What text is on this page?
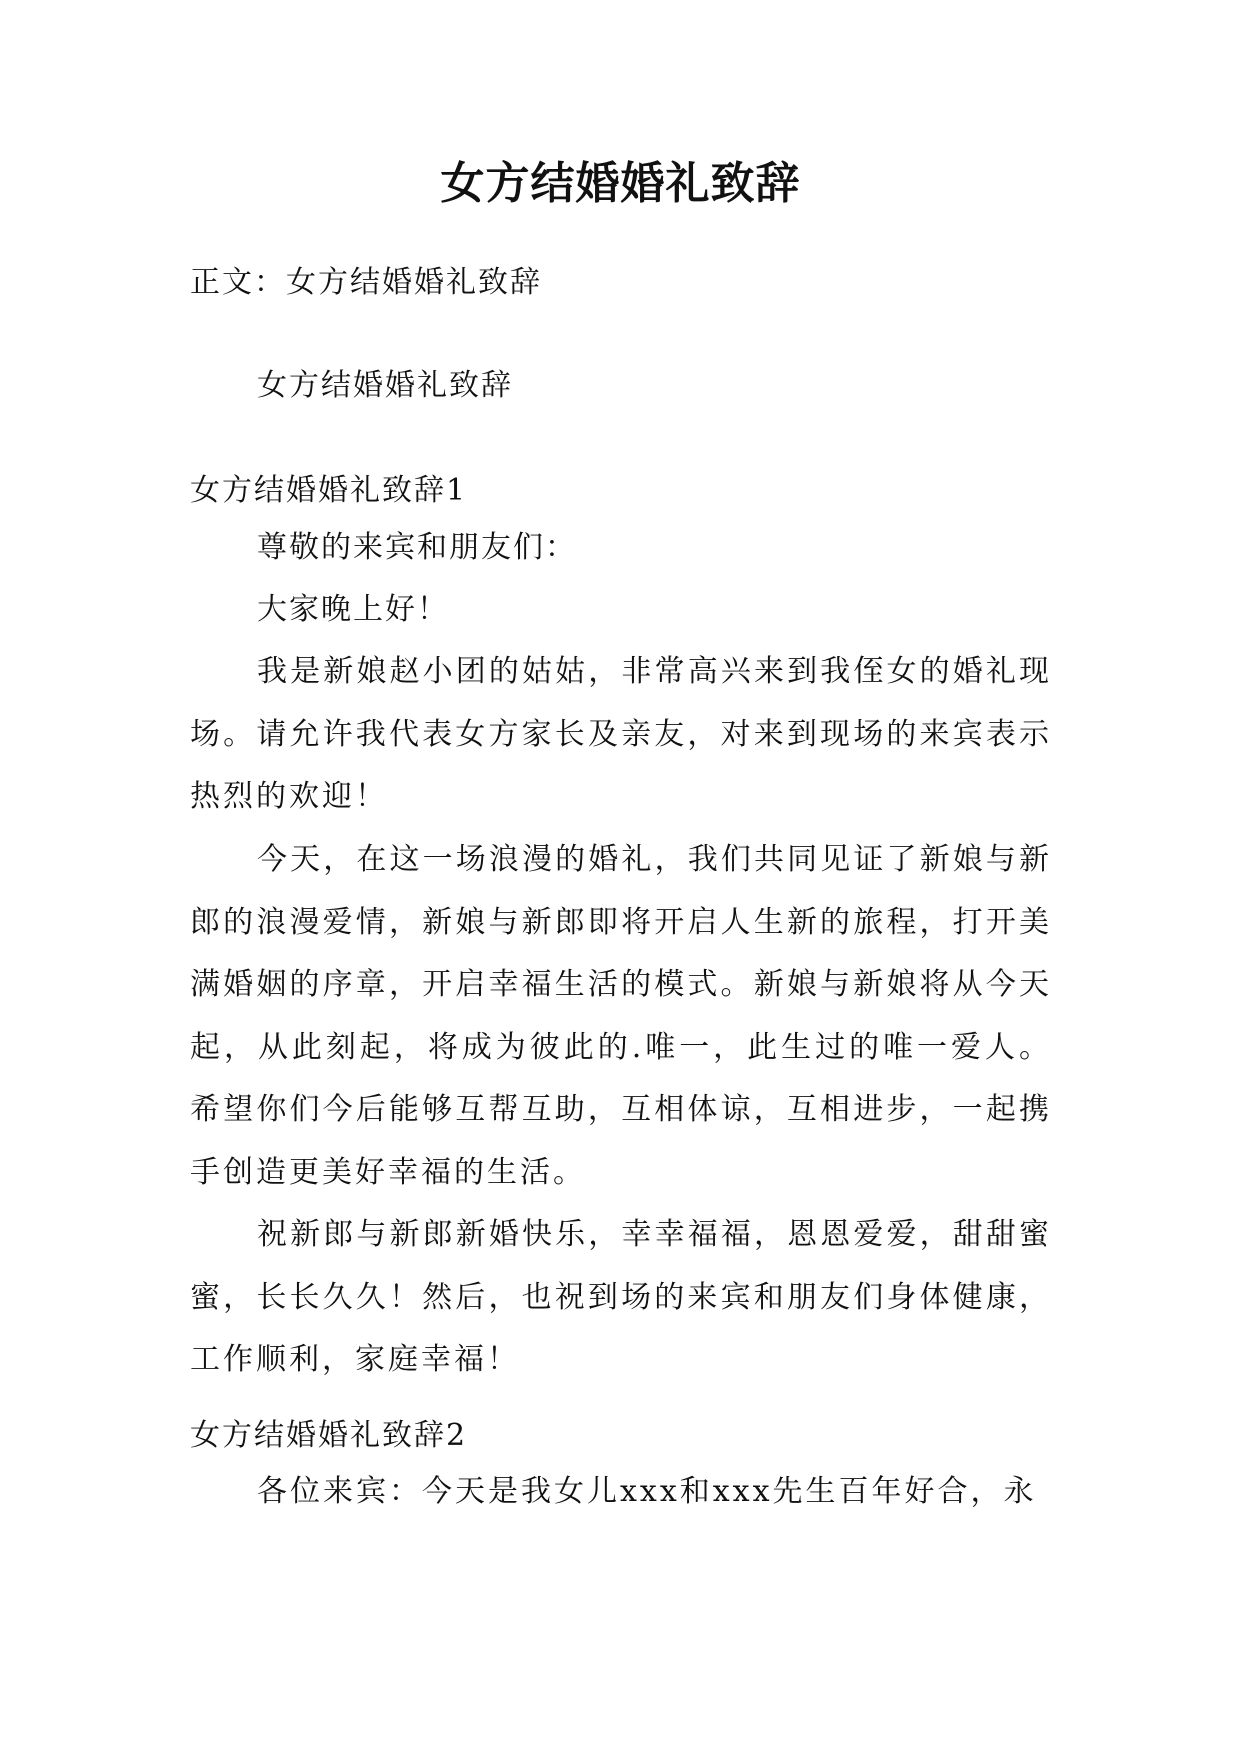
女方结婚婚礼致辞
正文：女方结婚婚礼致辞
女方结婚婚礼致辞
女方结婚婚礼致辞1
尊敬的来宾和朋友们：
大家晚上好！
我是新娘赵小团的姑姑，非常高兴来到我侄女的婚礼现场。请允许我代表女方家长及亲友，对来到现场的来宾表示热烈的欢迎！
今天，在这一场浪漫的婚礼，我们共同见证了新娘与新郎的浪漫爱情，新娘与新郎即将开启人生新的旅程，打开美满婚姻的序章，开启幸福生活的模式。新娘与新娘将从今天起，从此刻起，将成为彼此的.唯一，此生过的唯一爱人。希望你们今后能够互帮互助，互相体谅，互相进步，一起携手创造更美好幸福的生活。
祝新郎与新郎新婚快乐，幸幸福福，恩恩爱爱，甜甜蜜蜜，长长久久！然后，也祝到场的来宾和朋友们身体健康，工作顺利，家庭幸福！
女方结婚婚礼致辞2
各位来宾：今天是我女儿xxx和xxx先生百年好合，永
